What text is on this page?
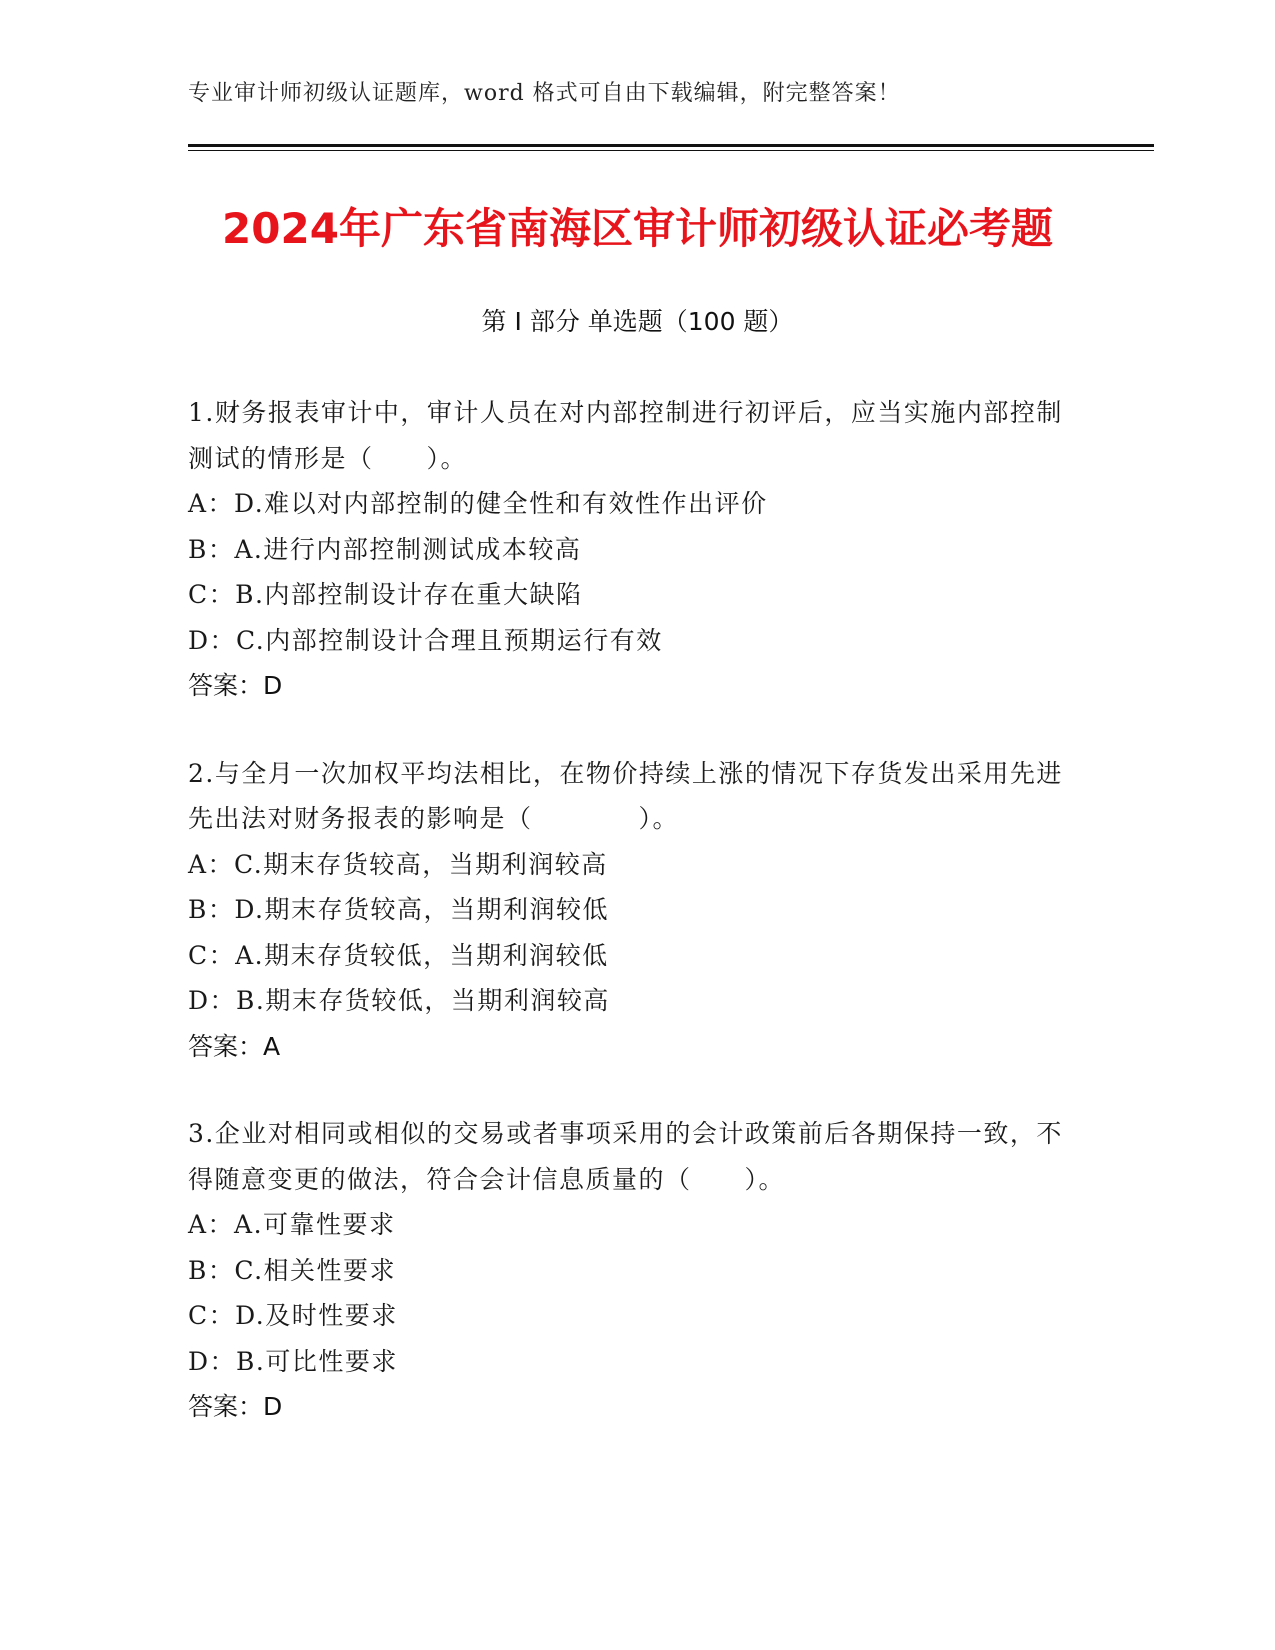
专业审计师初级认证题库，word 格式可自由下载编辑，附完整答案！
2024年广东省南海区审计师初级认证必考题
第 I 部分 单选题（100 题）
1.财务报表审计中，审计人员在对内部控制进行初评后，应当实施内部控制测试的情形是（　　）。
A：D.难以对内部控制的健全性和有效性作出评价
B：A.进行内部控制测试成本较高
C：B.内部控制设计存在重大缺陷
D：C.内部控制设计合理且预期运行有效
答案：D
2.与全月一次加权平均法相比，在物价持续上涨的情况下存货发出采用先进先出法对财务报表的影响是（　　　　）。
A：C.期末存货较高，当期利润较高
B：D.期末存货较高，当期利润较低
C：A.期末存货较低，当期利润较低
D：B.期末存货较低，当期利润较高
答案：A
3.企业对相同或相似的交易或者事项采用的会计政策前后各期保持一致，不得随意变更的做法，符合会计信息质量的（　　）。
A：A.可靠性要求
B：C.相关性要求
C：D.及时性要求
D：B.可比性要求
答案：D
